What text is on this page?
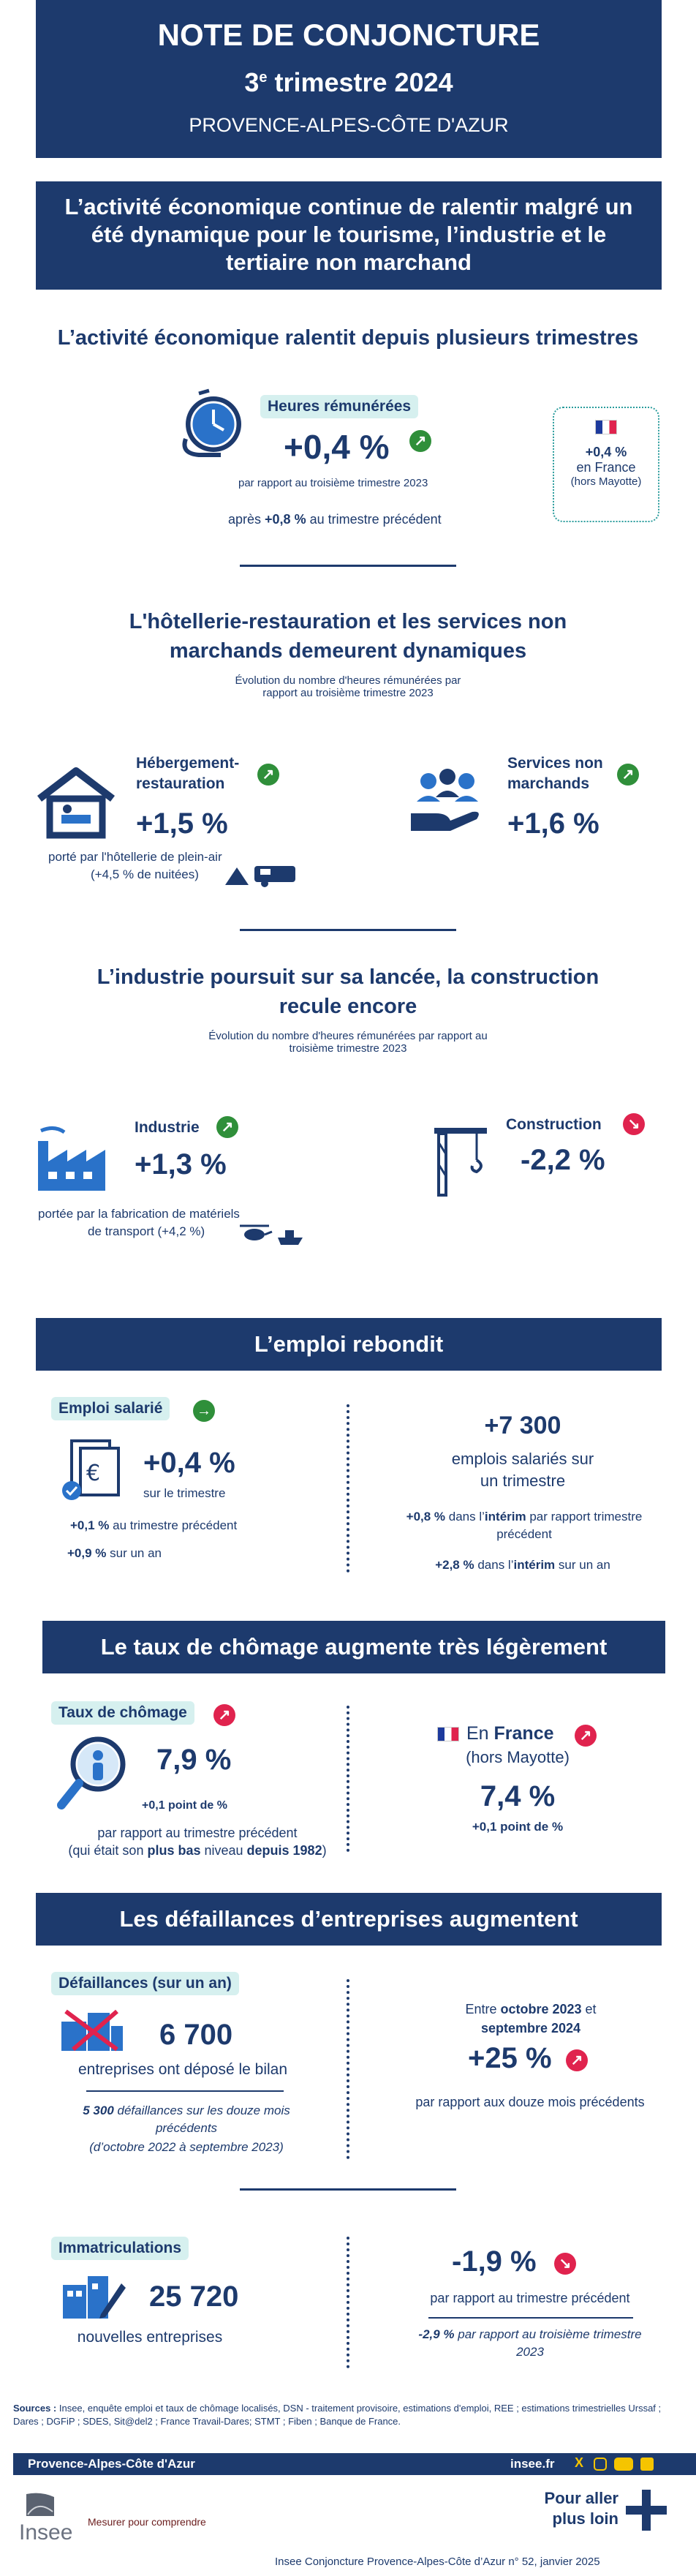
NOTE DE CONJONCTURE
3e trimestre 2024
PROVENCE-ALPES-CÔTE D'AZUR
L’activité économique continue de ralentir malgré un été dynamique pour le tourisme, l’industrie et le tertiaire non marchand
L’activité économique ralentit depuis plusieurs trimestres
Heures rémunérées
+0,4 %	↗
par rapport au troisième trimestre 2023
après +0,8 % au trimestre précédent
+0,4 %
en France
(hors Mayotte)
L'hôtellerie-restauration et les services non marchands demeurent dynamiques
Évolution du nombre d'heures rémunérées par rapport au troisième trimestre 2023
Hébergement-restauration
↗
+1,5 %
porté par l'hôtellerie de plein-air
(+4,5 % de nuitées)
Services non marchands
↗
+1,6 %
L’industrie poursuit sur sa lancée, la construction recule encore
Évolution du nombre d'heures rémunérées par rapport au troisième trimestre 2023
Industrie	↗
+1,3 %
portée par la fabrication de matériels
de transport (+4,2 %)
Construction	↘
-2,2 %
L’emploi rebondit
Emploi salarié	→
€ +0,4 %
sur le trimestre
+0,1 % au trimestre précédent
+0,9 % sur un an
+7 300
emplois salariés sur un trimestre
+0,8 % dans l’intérim par rapport trimestre précédent
+2,8 % dans l’intérim sur un an
Le taux de chômage augmente très légèrement
Taux de chômage	↗
7,9 %
+0,1 point de %
par rapport au trimestre précédent
(qui était son plus bas niveau depuis 1982)
En France	↗
(hors Mayotte)
7,4 %
+0,1 point de %
Les défaillances d’entreprises augmentent
Défaillances (sur un an)
6 700
entreprises ont déposé le bilan
5 300 défaillances sur les douze mois précédents
(d’octobre 2022 à septembre 2023)
Entre octobre 2023 et septembre 2024
+25 %	↗
par rapport aux douze mois précédents
Immatriculations
25 720
nouvelles entreprises
-1,9 %	↘
par rapport au trimestre précédent
-2,9 % par rapport au troisième trimestre 2023
Sources : Insee, enquête emploi et taux de chômage localisés, DSN - traitement provisoire, estimations d'emploi, REE ; estimations trimestrielles Urssaf ; Dares ; DGFiP ; SDES, Sit@del2 ; France Travail-Dares; STMT ; Fiben ; Banque de France.
Provence-Alpes-Côte d'Azur	insee.fr X
Insee Mesurer pour comprendre
Pour aller
plus loin
Insee Conjoncture Provence-Alpes-Côte d’Azur n° 52, janvier 2025
